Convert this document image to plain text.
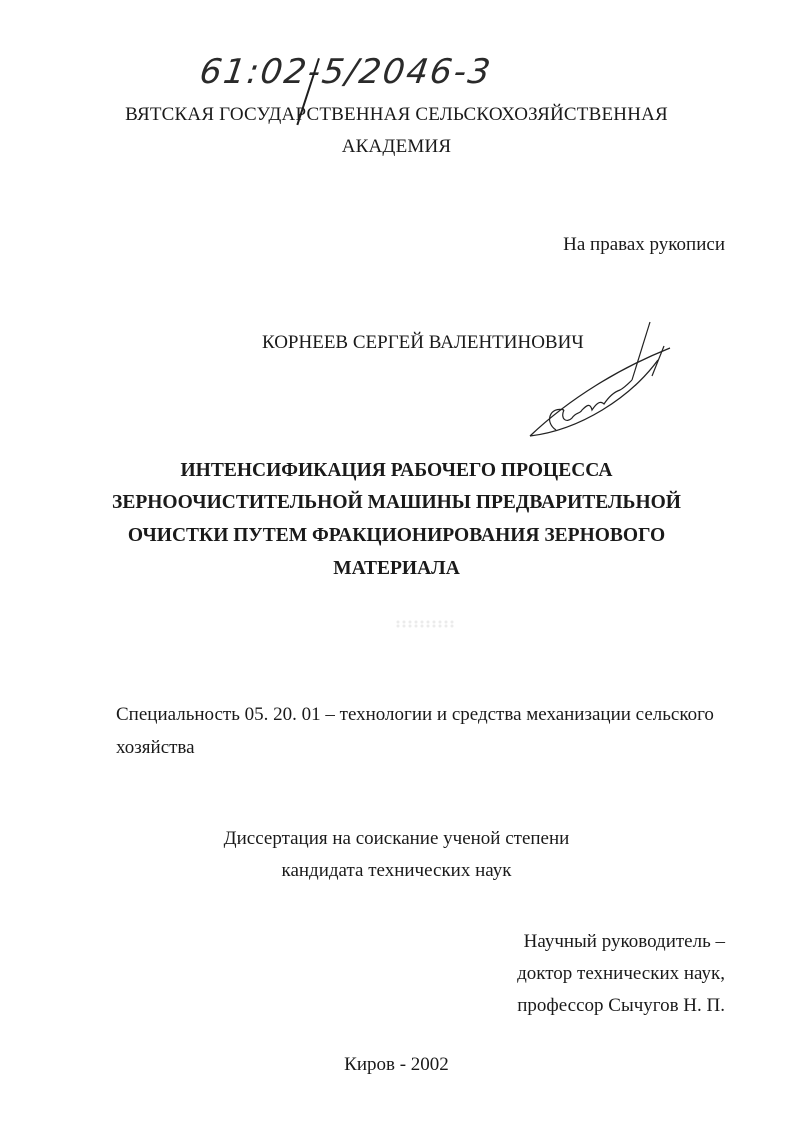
61:02-5/2046-3
ВЯТСКАЯ ГОСУДАРСТВЕННАЯ СЕЛЬСКОХОЗЯЙСТВЕННАЯ
АКАДЕМИЯ
На правах рукописи
КОРНЕЕВ СЕРГЕЙ ВАЛЕНТИНОВИЧ
ИНТЕНСИФИКАЦИЯ РАБОЧЕГО ПРОЦЕССА
ЗЕРНООЧИСТИТЕЛЬНОЙ МАШИНЫ ПРЕДВАРИТЕЛЬНОЙ
ОЧИСТКИ ПУТЕМ ФРАКЦИОНИРОВАНИЯ ЗЕРНОВОГО
МАТЕРИАЛА
Специальность 05. 20. 01 – технологии и средства механизации сельского хозяйства
Диссертация на соискание ученой степени
кандидата технических наук
Научный руководитель –
доктор технических наук,
профессор Сычугов Н. П.
Киров - 2002
